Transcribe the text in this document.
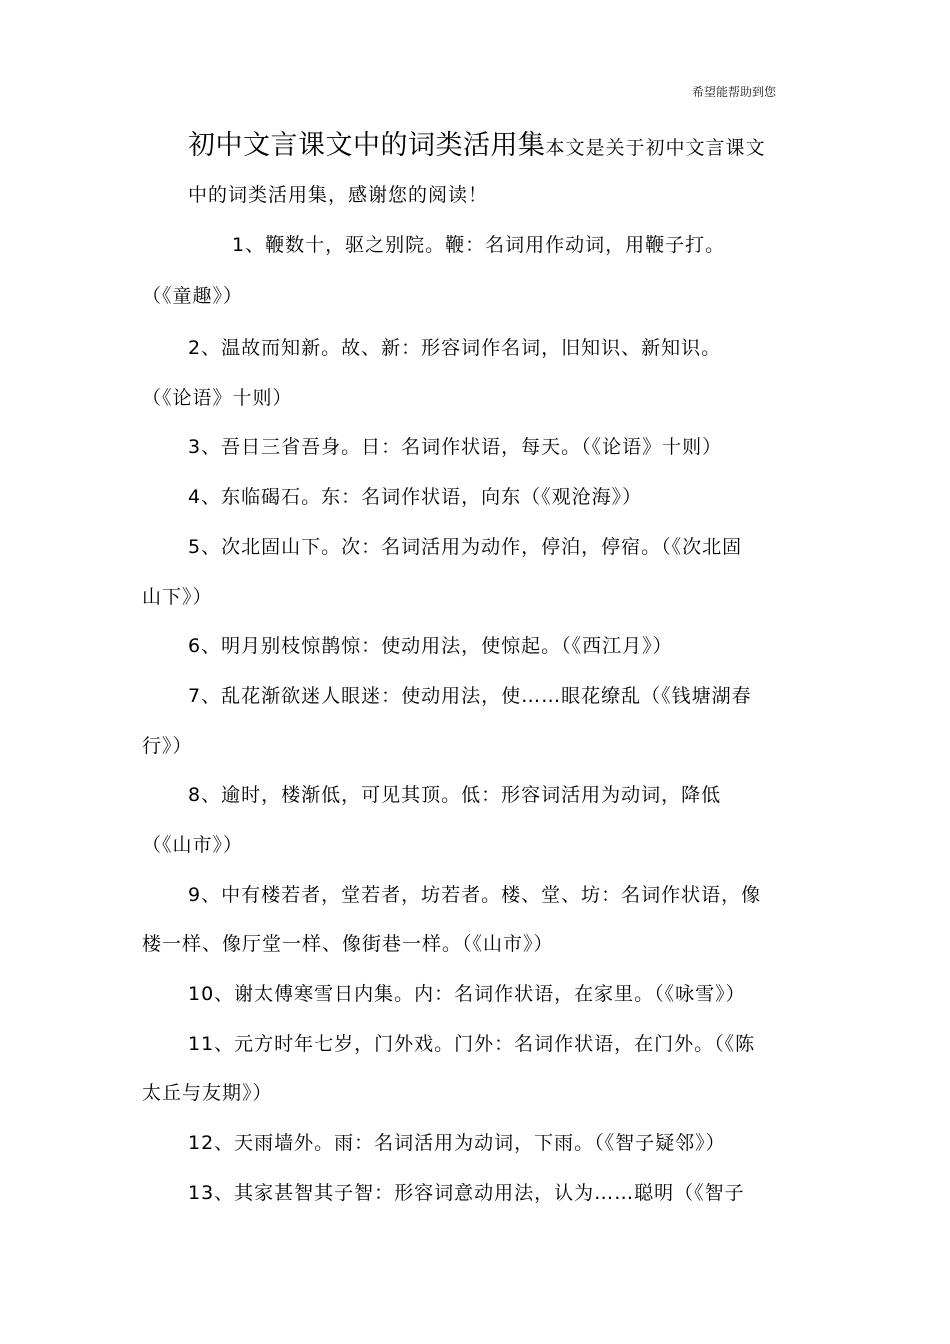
希望能帮助到您
初中文言课文中的词类活用集本文是关于初中文言课文
中的词类活用集，感谢您的阅读！
1、鞭数十，驱之别院。鞭：名词用作动词，用鞭子打。
（《童趣》）
2、温故而知新。故、新：形容词作名词，旧知识、新知识。
（《论语》十则）
3、吾日三省吾身。日：名词作状语，每天。（《论语》十则）
4、东临碣石。东：名词作状语，向东（《观沧海》）
5、次北固山下。次：名词活用为动作，停泊，停宿。（《次北固
山下》）
6、明月别枝惊鹊惊：使动用法，使惊起。（《西江月》）
7、乱花渐欲迷人眼迷：使动用法，使……眼花缭乱（《钱塘湖春
行》）
8、逾时，楼渐低，可见其顶。低：形容词活用为动词，降低
（《山市》）
9、中有楼若者，堂若者，坊若者。楼、堂、坊：名词作状语，像
楼一样、像厅堂一样、像街巷一样。（《山市》）
10、谢太傅寒雪日内集。内：名词作状语，在家里。（《咏雪》）
11、元方时年七岁，门外戏。门外：名词作状语，在门外。（《陈
太丘与友期》）
12、天雨墙外。雨：名词活用为动词，下雨。（《智子疑邻》）
13、其家甚智其子智：形容词意动用法，认为……聪明（《智子
